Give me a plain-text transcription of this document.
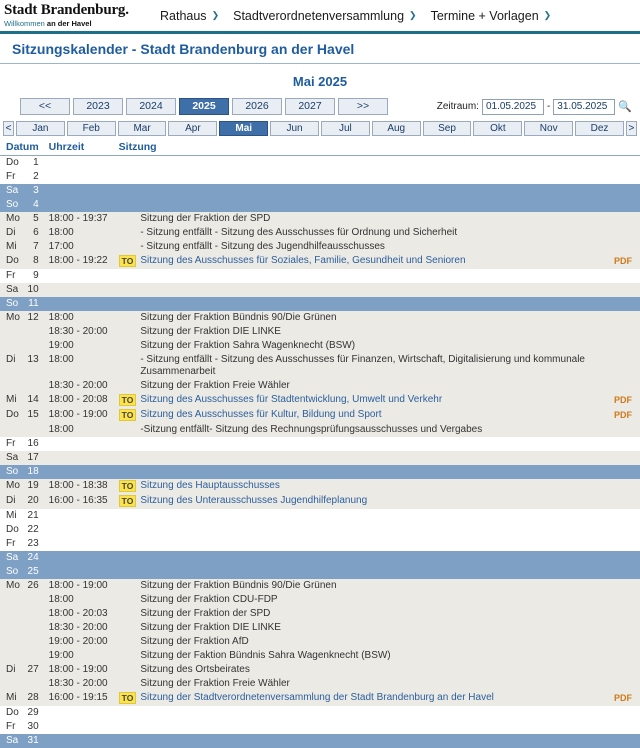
Stadt Brandenburg.
Willkommen an der Havel
Rathaus ❯ Stadtverordnetenversammlung ❯ Termine + Vorlagen ❯
Sitzungskalender - Stadt Brandenburg an der Havel
Mai 2025
<<	2023	2024	2025	2026	2027	>>	Zeitraum:
01.05.2025	-
31.05.2025	🔍
<	Jan	Feb	Mar	Apr	Mai	Jun	Jul	Aug	Sep	Okt	Nov	Dez	>
Datum		Uhrzeit	Sitzung		
Do	1				
Fr	2				
Sa	3				
So	4				
Mo	5	18:00 - 19:37		Sitzung der Fraktion der SPD	
Di	6	18:00		- Sitzung entfällt - Sitzung des Ausschusses für Ordnung und Sicherheit	
Mi	7	17:00		- Sitzung entfällt - Sitzung des Jugendhilfeausschusses	
Do	8	18:00 - 19:22	TO	Sitzung des Ausschusses für Soziales, Familie, Gesundheit und Senioren	PDF
Fr	9				
Sa	10				
So	11				
Mo	12	18:00		Sitzung der Fraktion Bündnis 90/Die Grünen	
		18:30 - 20:00		Sitzung der Fraktion DIE LINKE	
		19:00		Sitzung der Fraktion Sahra Wagenknecht (BSW)	
Di	13	18:00		- Sitzung entfällt - Sitzung des Ausschusses für Finanzen, Wirtschaft, Digitalisierung und kommunale Zusammenarbeit	
		18:30 - 20:00		Sitzung der Fraktion Freie Wähler	
Mi	14	18:00 - 20:08	TO	Sitzung des Ausschusses für Stadtentwicklung, Umwelt und Verkehr	PDF
Do	15	18:00 - 19:00	TO	Sitzung des Ausschusses für Kultur, Bildung und Sport	PDF
		18:00		-Sitzung entfällt- Sitzung des Rechnungsprüfungsausschusses und Vergabes	
Fr	16				
Sa	17				
So	18				
Mo	19	18:00 - 18:38	TO	Sitzung des Hauptausschusses	
Di	20	16:00 - 16:35	TO	Sitzung des Unterausschusses Jugendhilfeplanung	
Mi	21				
Do	22				
Fr	23				
Sa	24				
So	25				
Mo	26	18:00 - 19:00		Sitzung der Fraktion Bündnis 90/Die Grünen	
		18:00		Sitzung der Fraktion CDU-FDP	
		18:00 - 20:03		Sitzung der Fraktion der SPD	
		18:30 - 20:00		Sitzung der Fraktion DIE LINKE	
		19:00 - 20:00		Sitzung der Fraktion AfD	
		19:00		Sitzung der Faktion Bündnis Sahra Wagenknecht (BSW)	
Di	27	18:00 - 19:00		Sitzung des Ortsbeirates	
		18:30 - 20:00		Sitzung der Fraktion Freie Wähler	
Mi	28	16:00 - 19:15	TO	Sitzung der Stadtverordnetenversammlung der Stadt Brandenburg an der Havel	PDF
Do	29				
Fr	30				
Sa	31				
